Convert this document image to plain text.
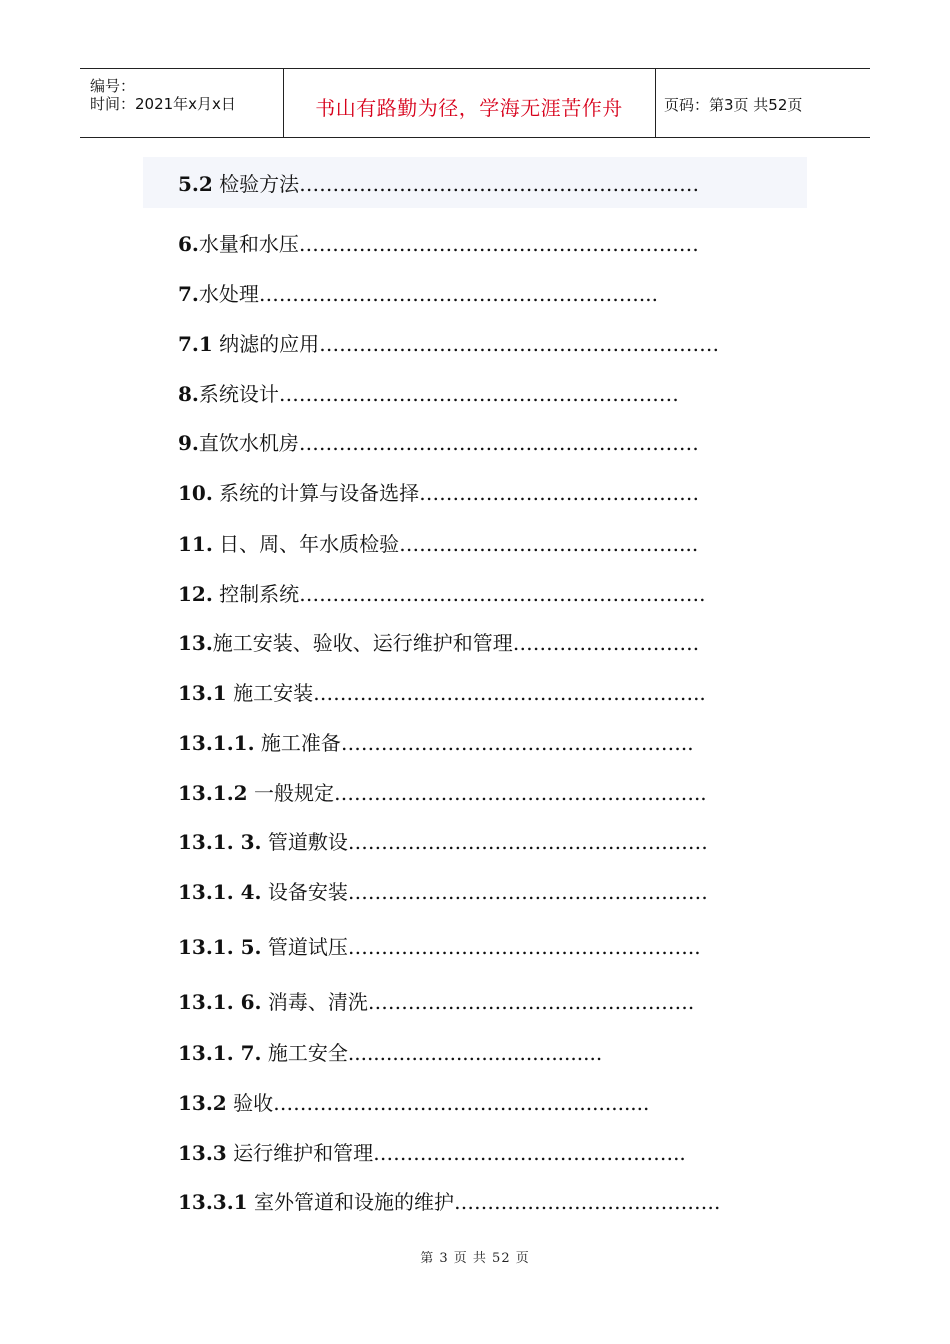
编号：
时间：2021年x月x日	书山有路勤为径，学海无涯苦作舟	页码：第3页 共52页
5.2 检验方法……………………………………………………
6.水量和水压……………………………………………………
7.水处理…………………………………………………...
7.1 纳滤的应用……………………………………………………
8.系统设计……………………………………………………
9.直饮水机房……………………………………………………
10. 系统的计算与设备选择……………………………………
11. 日、周、年水质检验……………………………………...
12. 控制系统…………………………………………………….
13.施工安装、验收、运行维护和管理……………………….
13.1 施工安装…………………………………………………..
13.1.1. 施工准备……………………………………………..
13.1.2 一般规定………………………………………………..
13.1. 3. 管道敷设………………………………………………
13.1. 4. 设备安装………………………………………………
13.1. 5. 管道试压……………………………………………..
13.1. 6. 消毒、清洗………………………………………….
13.1. 7. 施工安全........................................
13.2 验收………………………………………............
13.3 运行维护和管理………………………………………..
13.3.1 室外管道和设施的维护………………………………….
第 3 页 共 52 页
